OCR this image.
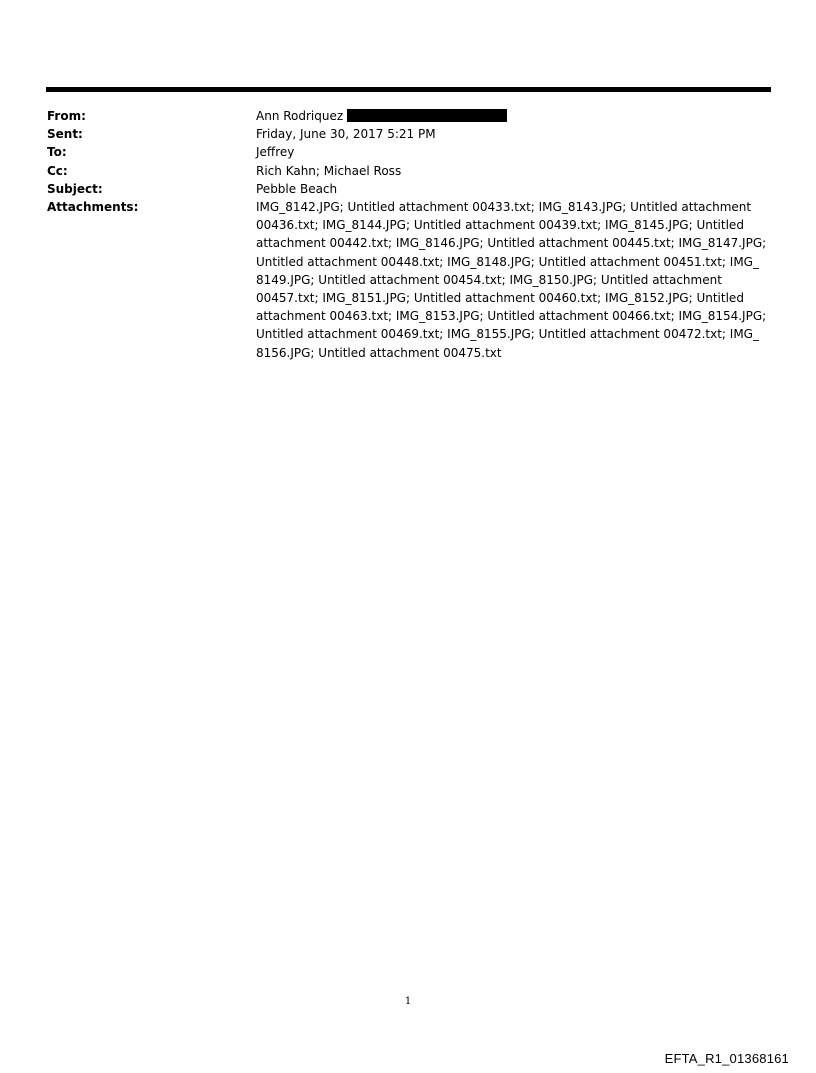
From:	Ann Rodriquez
Sent:	Friday, June 30, 2017 5:21 PM
To:	Jeffrey
Cc:	Rich Kahn; Michael Ross
Subject:	Pebble Beach
Attachments:	IMG_8142.JPG; Untitled attachment 00433.txt; IMG_8143.JPG; Untitled attachment 00436.txt; IMG_8144.JPG; Untitled attachment 00439.txt; IMG_8145.JPG; Untitled attachment 00442.txt; IMG_8146.JPG; Untitled attachment 00445.txt; IMG_8147.JPG; Untitled attachment 00448.txt; IMG_8148.JPG; Untitled attachment 00451.txt; IMG_ 8149.JPG; Untitled attachment 00454.txt; IMG_8150.JPG; Untitled attachment 00457.txt; IMG_8151.JPG; Untitled attachment 00460.txt; IMG_8152.JPG; Untitled attachment 00463.txt; IMG_8153.JPG; Untitled attachment 00466.txt; IMG_8154.JPG; Untitled attachment 00469.txt; IMG_8155.JPG; Untitled attachment 00472.txt; IMG_ 8156.JPG; Untitled attachment 00475.txt
1
EFTA_R1_01368161
